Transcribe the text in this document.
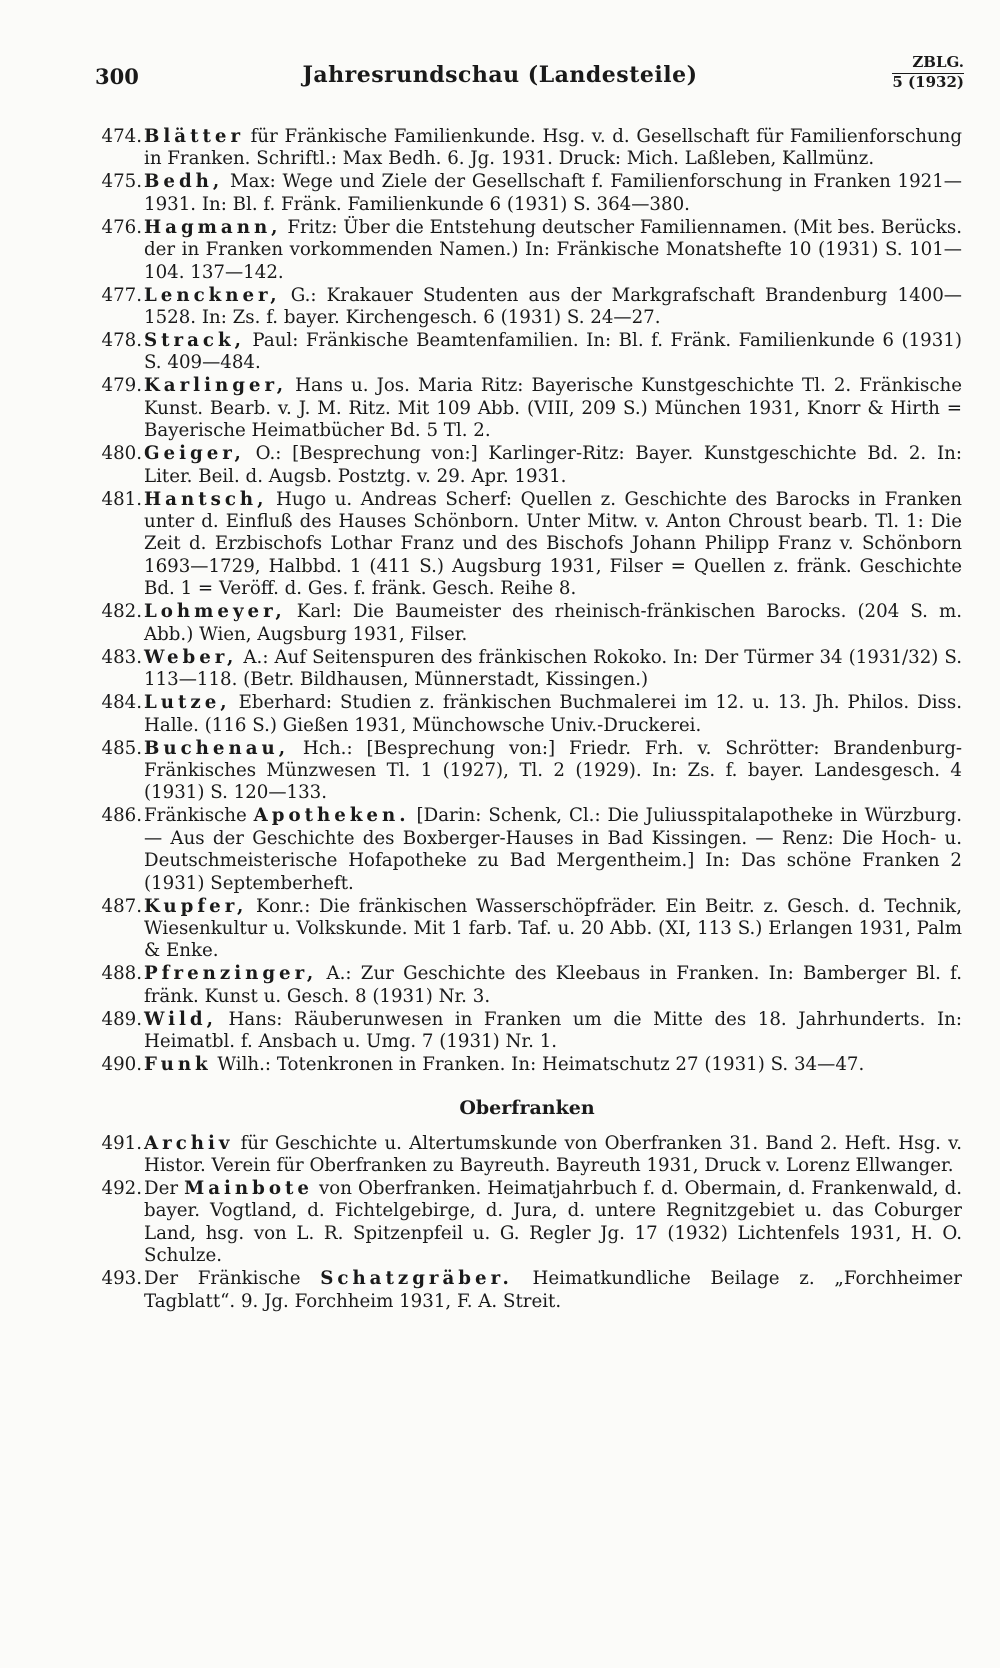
300	Jahresrundschau (Landesteile)	ZBLG.
5 (1932)
474. Blätter für Fränkische Familienkunde. Hsg. v. d. Gesellschaft für Familienforschung in Franken. Schriftl.: Max Bedh. 6. Jg. 1931. Druck: Mich. Laßleben, Kallmünz.
475. Bedh, Max: Wege und Ziele der Gesellschaft f. Familienforschung in Franken 1921—1931. In: Bl. f. Fränk. Familienkunde 6 (1931) S. 364—380.
476. Hagmann, Fritz: Über die Entstehung deutscher Familiennamen. (Mit bes. Berücks. der in Franken vorkommenden Namen.) In: Fränkische Monatshefte 10 (1931) S. 101—104. 137—142.
477. Lenckner, G.: Krakauer Studenten aus der Markgrafschaft Brandenburg 1400—1528. In: Zs. f. bayer. Kirchengesch. 6 (1931) S. 24—27.
478. Strack, Paul: Fränkische Beamtenfamilien. In: Bl. f. Fränk. Familienkunde 6 (1931) S. 409—484.
479. Karlinger, Hans u. Jos. Maria Ritz: Bayerische Kunstgeschichte Tl. 2. Fränkische Kunst. Bearb. v. J. M. Ritz. Mit 109 Abb. (VIII, 209 S.) München 1931, Knorr & Hirth = Bayerische Heimatbücher Bd. 5 Tl. 2.
480. Geiger, O.: [Besprechung von:] Karlinger-Ritz: Bayer. Kunstgeschichte Bd. 2. In: Liter. Beil. d. Augsb. Postztg. v. 29. Apr. 1931.
481. Hantsch, Hugo u. Andreas Scherf: Quellen z. Geschichte des Barocks in Franken unter d. Einfluß des Hauses Schönborn. Unter Mitw. v. Anton Chroust bearb. Tl. 1: Die Zeit d. Erzbischofs Lothar Franz und des Bischofs Johann Philipp Franz v. Schönborn 1693—1729, Halbbd. 1 (411 S.) Augsburg 1931, Filser = Quellen z. fränk. Geschichte Bd. 1 = Veröff. d. Ges. f. fränk. Gesch. Reihe 8.
482. Lohmeyer, Karl: Die Baumeister des rheinisch-fränkischen Barocks. (204 S. m. Abb.) Wien, Augsburg 1931, Filser.
483. Weber, A.: Auf Seitenspuren des fränkischen Rokoko. In: Der Türmer 34 (1931/32) S. 113—118. (Betr. Bildhausen, Münnerstadt, Kissingen.)
484. Lutze, Eberhard: Studien z. fränkischen Buchmalerei im 12. u. 13. Jh. Philos. Diss. Halle. (116 S.) Gießen 1931, Münchowsche Univ.-Druckerei.
485. Buchenau, Hch.: [Besprechung von:] Friedr. Frh. v. Schrötter: Brandenburg-Fränkisches Münzwesen Tl. 1 (1927), Tl. 2 (1929). In: Zs. f. bayer. Landesgesch. 4 (1931) S. 120—133.
486. Fränkische Apotheken. [Darin: Schenk, Cl.: Die Juliusspitalapotheke in Würzburg. — Aus der Geschichte des Boxberger-Hauses in Bad Kissingen. — Renz: Die Hoch- u. Deutschmeisterische Hofapotheke zu Bad Mergentheim.] In: Das schöne Franken 2 (1931) Septemberheft.
487. Kupfer, Konr.: Die fränkischen Wasserschöpfräder. Ein Beitr. z. Gesch. d. Technik, Wiesenkultur u. Volkskunde. Mit 1 farb. Taf. u. 20 Abb. (XI, 113 S.) Erlangen 1931, Palm & Enke.
488. Pfrenzinger, A.: Zur Geschichte des Kleebaus in Franken. In: Bamberger Bl. f. fränk. Kunst u. Gesch. 8 (1931) Nr. 3.
489. Wild, Hans: Räuberunwesen in Franken um die Mitte des 18. Jahrhunderts. In: Heimatbl. f. Ansbach u. Umg. 7 (1931) Nr. 1.
490. Funk Wilh.: Totenkronen in Franken. In: Heimatschutz 27 (1931) S. 34—47.
Oberfranken
491. Archiv für Geschichte u. Altertumskunde von Oberfranken 31. Band 2. Heft. Hsg. v. Histor. Verein für Oberfranken zu Bayreuth. Bayreuth 1931, Druck v. Lorenz Ellwanger.
492. Der Mainbote von Oberfranken. Heimatjahrbuch f. d. Obermain, d. Frankenwald, d. bayer. Vogtland, d. Fichtelgebirge, d. Jura, d. untere Regnitzgebiet u. das Coburger Land, hsg. von L. R. Spitzenpfeil u. G. Regler Jg. 17 (1932) Lichtenfels 1931, H. O. Schulze.
493. Der Fränkische Schatzgräber. Heimatkundliche Beilage z. „Forchheimer Tagblatt“. 9. Jg. Forchheim 1931, F. A. Streit.
